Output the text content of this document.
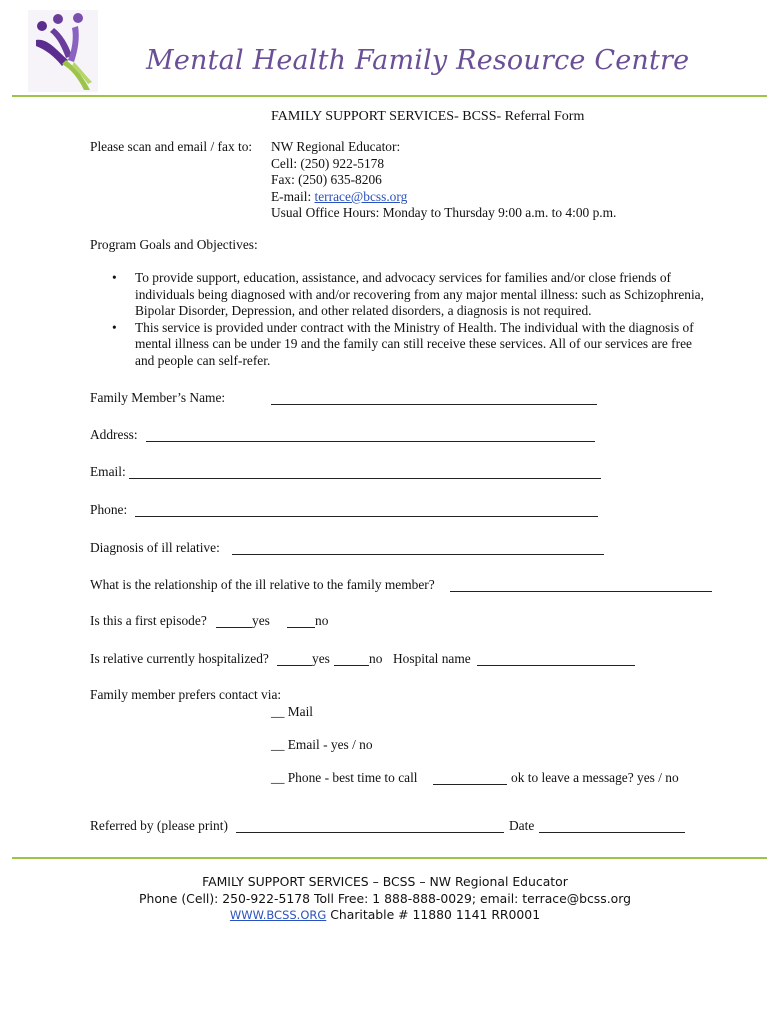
Mental Health Family Resource Centre
FAMILY SUPPORT SERVICES- BCSS- Referral Form
Please scan and email / fax to: NW Regional Educator:
Cell: (250) 922-5178
Fax: (250) 635-8206
E-mail: terrace@bcss.org
Usual Office Hours: Monday to Thursday 9:00 a.m. to 4:00 p.m.
Program Goals and Objectives:

• To provide support, education, assistance, and advocacy services for families and/or close friends of individuals being diagnosed with and/or recovering from any major mental illness: such as Schizophrenia, Bipolar Disorder, Depression, and other related disorders, a diagnosis is not required.

• This service is provided under contract with the Ministry of Health. The individual with the diagnosis of mental illness can be under 19 and the family can still receive these services. All of our services are free and people can self-refer.

Family Member’s Name:
Address:
Email:
Phone:
Diagnosis of ill relative:
What is the relationship of the ill relative to the family member?
Is this a first episode?	yes	no
Is relative currently hospitalized?	yes	no Hospital name
Family member prefers contact via:
__ Mail
__ Email - yes / no
__ Phone - best time to call	ok to leave a message? yes / no
Referred by (please print)	Date
FAMILY SUPPORT SERVICES – BCSS – NW Regional Educator
Phone (Cell): 250-922-5178 Toll Free: 1 888-888-0029; email: terrace@bcss.org
WWW.BCSS.ORG Charitable # 11880 1141 RR0001
